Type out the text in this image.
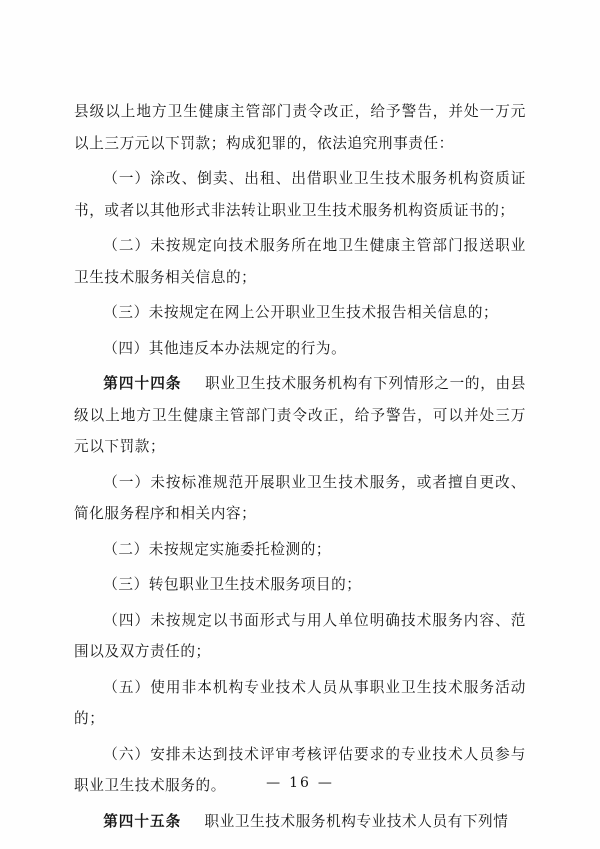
县级以上地方卫生健康主管部门责令改正，给予警告，并处一万元以上三万元以下罚款；构成犯罪的，依法追究刑事责任：

（一）涂改、倒卖、出租、出借职业卫生技术服务机构资质证书，或者以其他形式非法转让职业卫生技术服务机构资质证书的；

（二）未按规定向技术服务所在地卫生健康主管部门报送职业卫生技术服务相关信息的；

（三）未按规定在网上公开职业卫生技术报告相关信息的；

（四）其他违反本办法规定的行为。

第四十四条 职业卫生技术服务机构有下列情形之一的，由县级以上地方卫生健康主管部门责令改正，给予警告，可以并处三万元以下罚款；

（一）未按标准规范开展职业卫生技术服务，或者擅自更改、简化服务程序和相关内容；

（二）未按规定实施委托检测的；

（三）转包职业卫生技术服务项目的；

（四）未按规定以书面形式与用人单位明确技术服务内容、范围以及双方责任的；

（五）使用非本机构专业技术人员从事职业卫生技术服务活动的；

（六）安排未达到技术评审考核评估要求的专业技术人员参与职业卫生技术服务的。

第四十五条 职业卫生技术服务机构专业技术人员有下列情

— 16 —
